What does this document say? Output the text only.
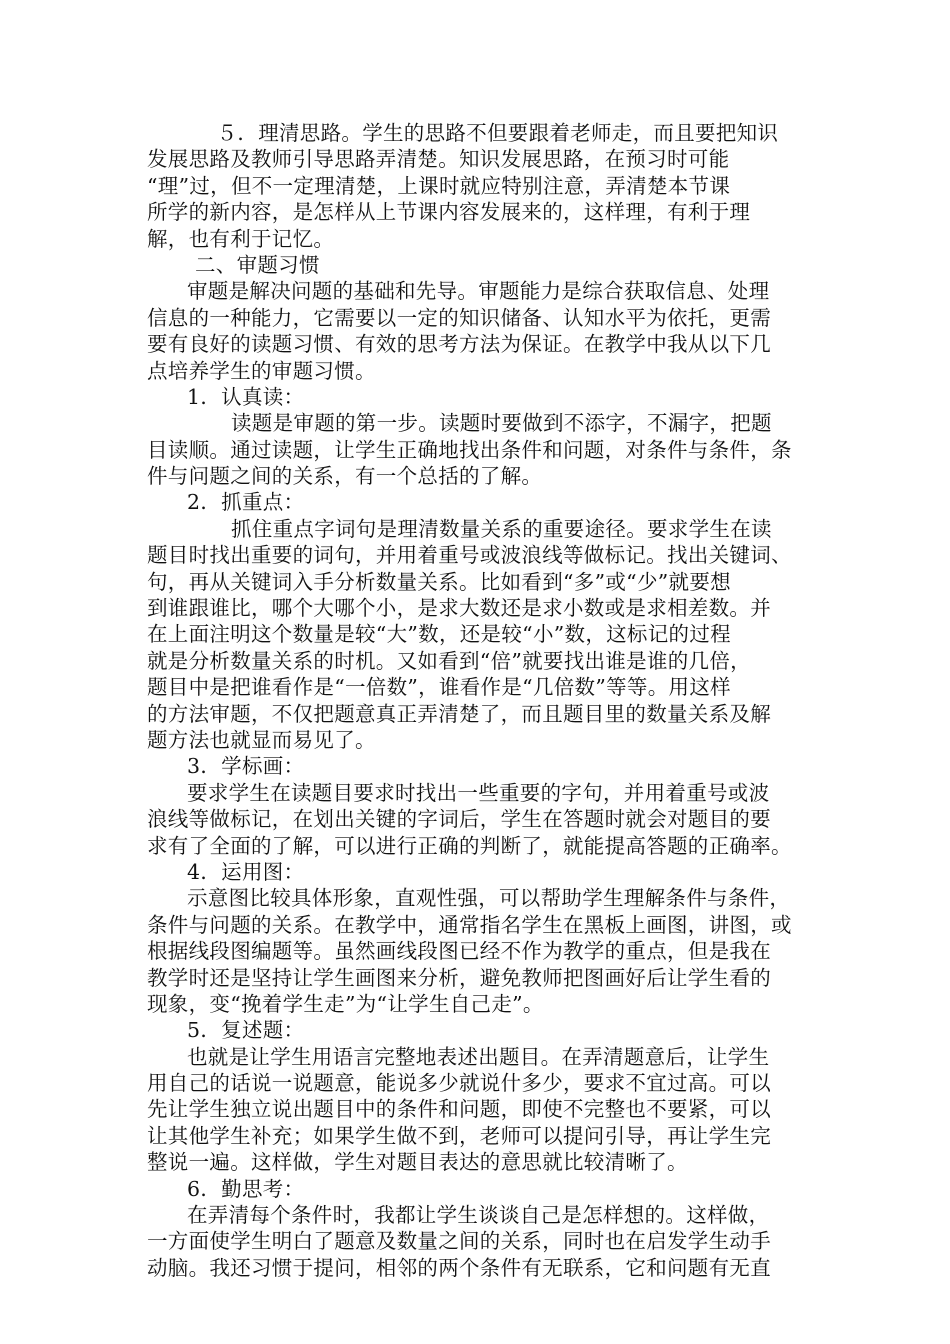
　　５．理清思路。学生的思路不但要跟着老师走，而且要把知识
发展思路及教师引导思路弄清楚。知识发展思路，在预习时可能
“理”过，但不一定理清楚，上课时就应特别注意，弄清楚本节课
所学的新内容，是怎样从上节课内容发展来的，这样理，有利于理
解，也有利于记忆。
二、审题习惯
审题是解决问题的基础和先导。审题能力是综合获取信息、处理
信息的一种能力，它需要以一定的知识储备、认知水平为依托，更需
要有良好的读题习惯、有效的思考方法为保证。在教学中我从以下几
点培养学生的审题习惯。
1．认真读：
读题是审题的第一步。读题时要做到不添字，不漏字，把题
目读顺。通过读题，让学生正确地找出条件和问题，对条件与条件，条
件与问题之间的关系，有一个总括的了解。
2．抓重点：
抓住重点字词句是理清数量关系的重要途径。要求学生在读
题目时找出重要的词句，并用着重号或波浪线等做标记。找出关键词、
句，再从关键词入手分析数量关系。比如看到“多”或“少”就要想
到谁跟谁比，哪个大哪个小，是求大数还是求小数或是求相差数。并
在上面注明这个数量是较“大”数，还是较“小”数，这标记的过程
就是分析数量关系的时机。又如看到“倍”就要找出谁是谁的几倍，
题目中是把谁看作是“一倍数”，谁看作是“几倍数”等等。用这样
的方法审题，不仅把题意真正弄清楚了，而且题目里的数量关系及解
题方法也就显而易见了。
3．学标画：
要求学生在读题目要求时找出一些重要的字句，并用着重号或波
浪线等做标记，在划出关键的字词后，学生在答题时就会对题目的要
求有了全面的了解，可以进行正确的判断了，就能提高答题的正确率。
4．运用图：
示意图比较具体形象，直观性强，可以帮助学生理解条件与条件，
条件与问题的关系。在教学中，通常指名学生在黑板上画图，讲图，或
根据线段图编题等。虽然画线段图已经不作为教学的重点，但是我在
教学时还是坚持让学生画图来分析，避免教师把图画好后让学生看的
现象，变“挽着学生走”为“让学生自己走”。
5．复述题：
也就是让学生用语言完整地表述出题目。在弄清题意后，让学生
用自己的话说一说题意，能说多少就说什多少，要求不宜过高。可以
先让学生独立说出题目中的条件和问题，即使不完整也不要紧，可以
让其他学生补充；如果学生做不到，老师可以提问引导，再让学生完
整说一遍。这样做，学生对题目表达的意思就比较清晰了。
6．勤思考：
在弄清每个条件时，我都让学生谈谈自己是怎样想的。这样做，
一方面使学生明白了题意及数量之间的关系，同时也在启发学生动手
动脑。我还习惯于提问，相邻的两个条件有无联系，它和问题有无直
